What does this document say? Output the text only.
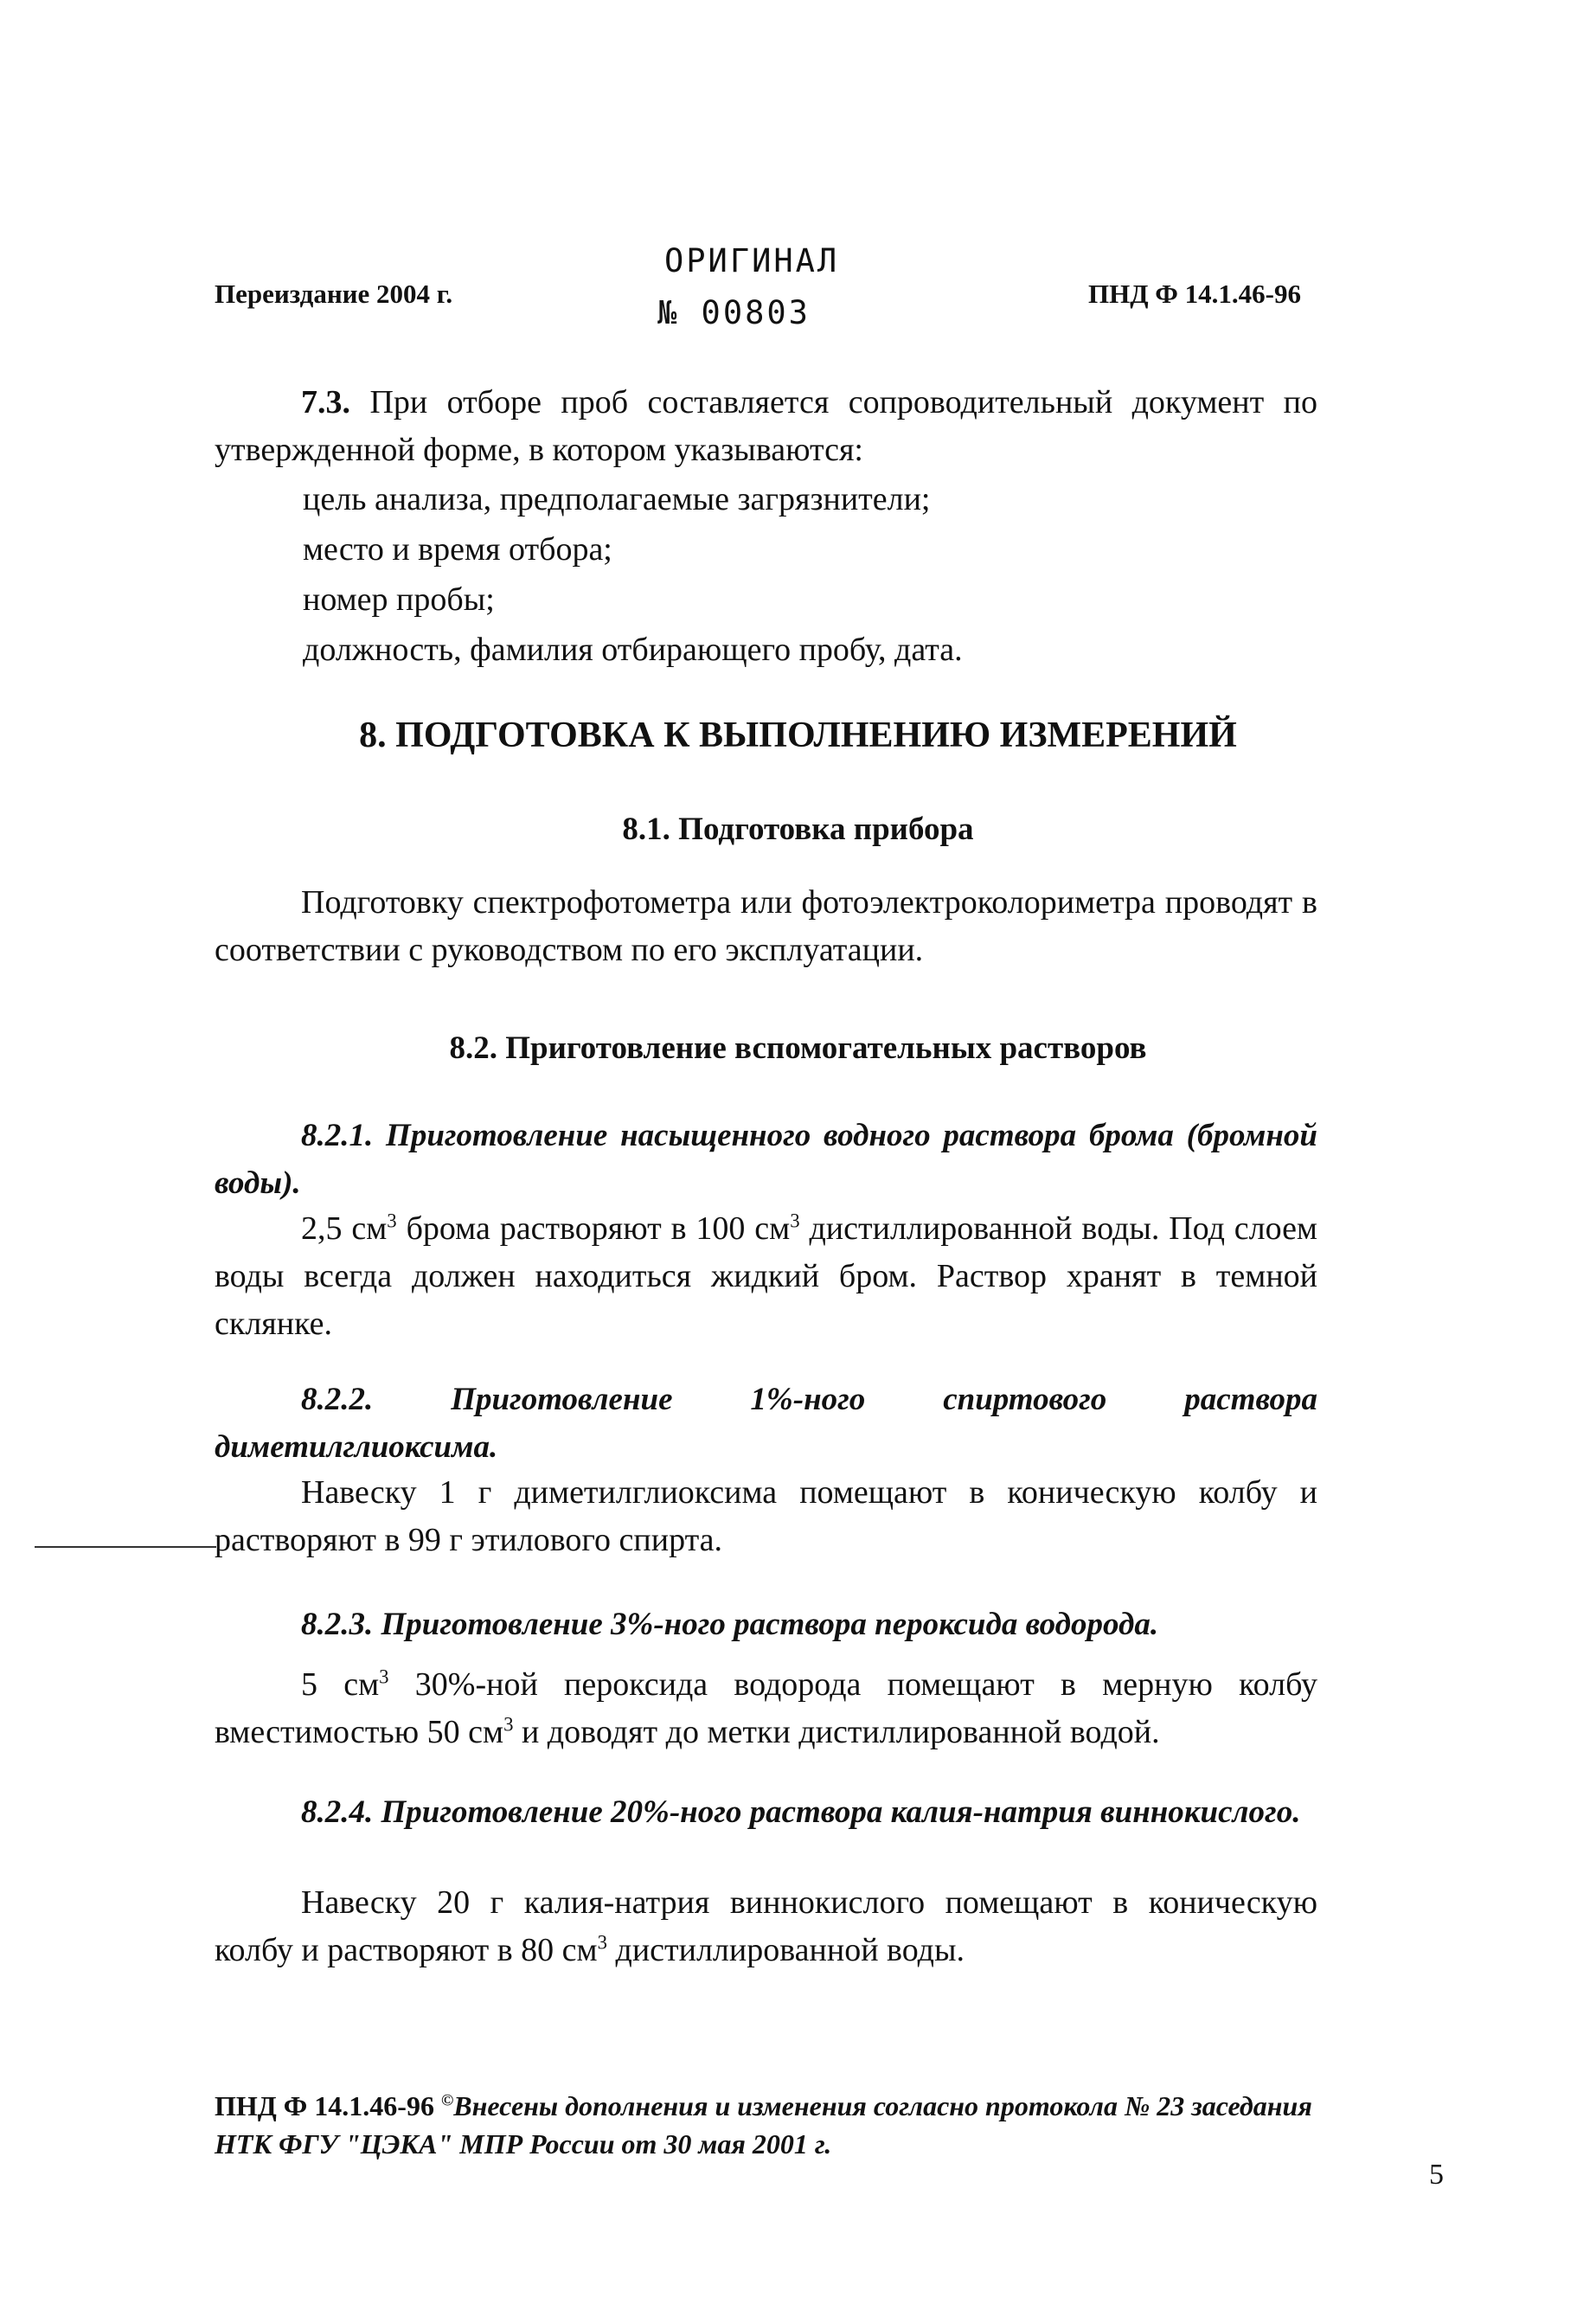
Переиздание 2004 г.
ОРИГИНАЛ
№ 00803
ПНД Ф 14.1.46-96

7.3. При отборе проб составляется сопроводительный документ по утвержденной форме, в котором указываются:

цель анализа, предполагаемые загрязнители;
место и время отбора;
номер пробы;
должность, фамилия отбирающего пробу, дата.
8. ПОДГОТОВКА К ВЫПОЛНЕНИЮ ИЗМЕРЕНИЙ
8.1. Подготовка прибора
Подготовку спектрофотометра или фотоэлектроколориметра проводят в соответствии с руководством по его эксплуатации.
8.2. Приготовление вспомогательных растворов
8.2.1. Приготовление насыщенного водного раствора брома (бромной воды).
2,5 $см^3$ брома растворяют в 100 $см^3$ дистиллированной воды. Под слоем воды всегда должен находиться жидкий бром. Раствор хранят в темной склянке.
8.2.2. Приготовление 1%-ного спиртового раствора диметилглиоксима.
Навеску 1 г диметилглиоксима помещают в коническую колбу и растворяют в 99 г этилового спирта.
8.2.3. Приготовление 3%-ного раствора пероксида водорода.
5 $см^3$ 30%-ной пероксида водорода помещают в мерную колбу вместимостью 50 $см^3$ и доводят до метки дистиллированной водой.
8.2.4. Приготовление 20%-ного раствора калия-натрия виннокислого.
Навеску 20 г калия-натрия виннокислого помещают в коническую колбу и растворяют в 80 $см^3$ дистиллированной воды.
ПНД Ф 14.1.46-96 ©Внесены дополнения и изменения согласно протокола № 23 заседания НТК ФГУ "ЦЭКА" МПР России от 30 мая 2001 г.
5
